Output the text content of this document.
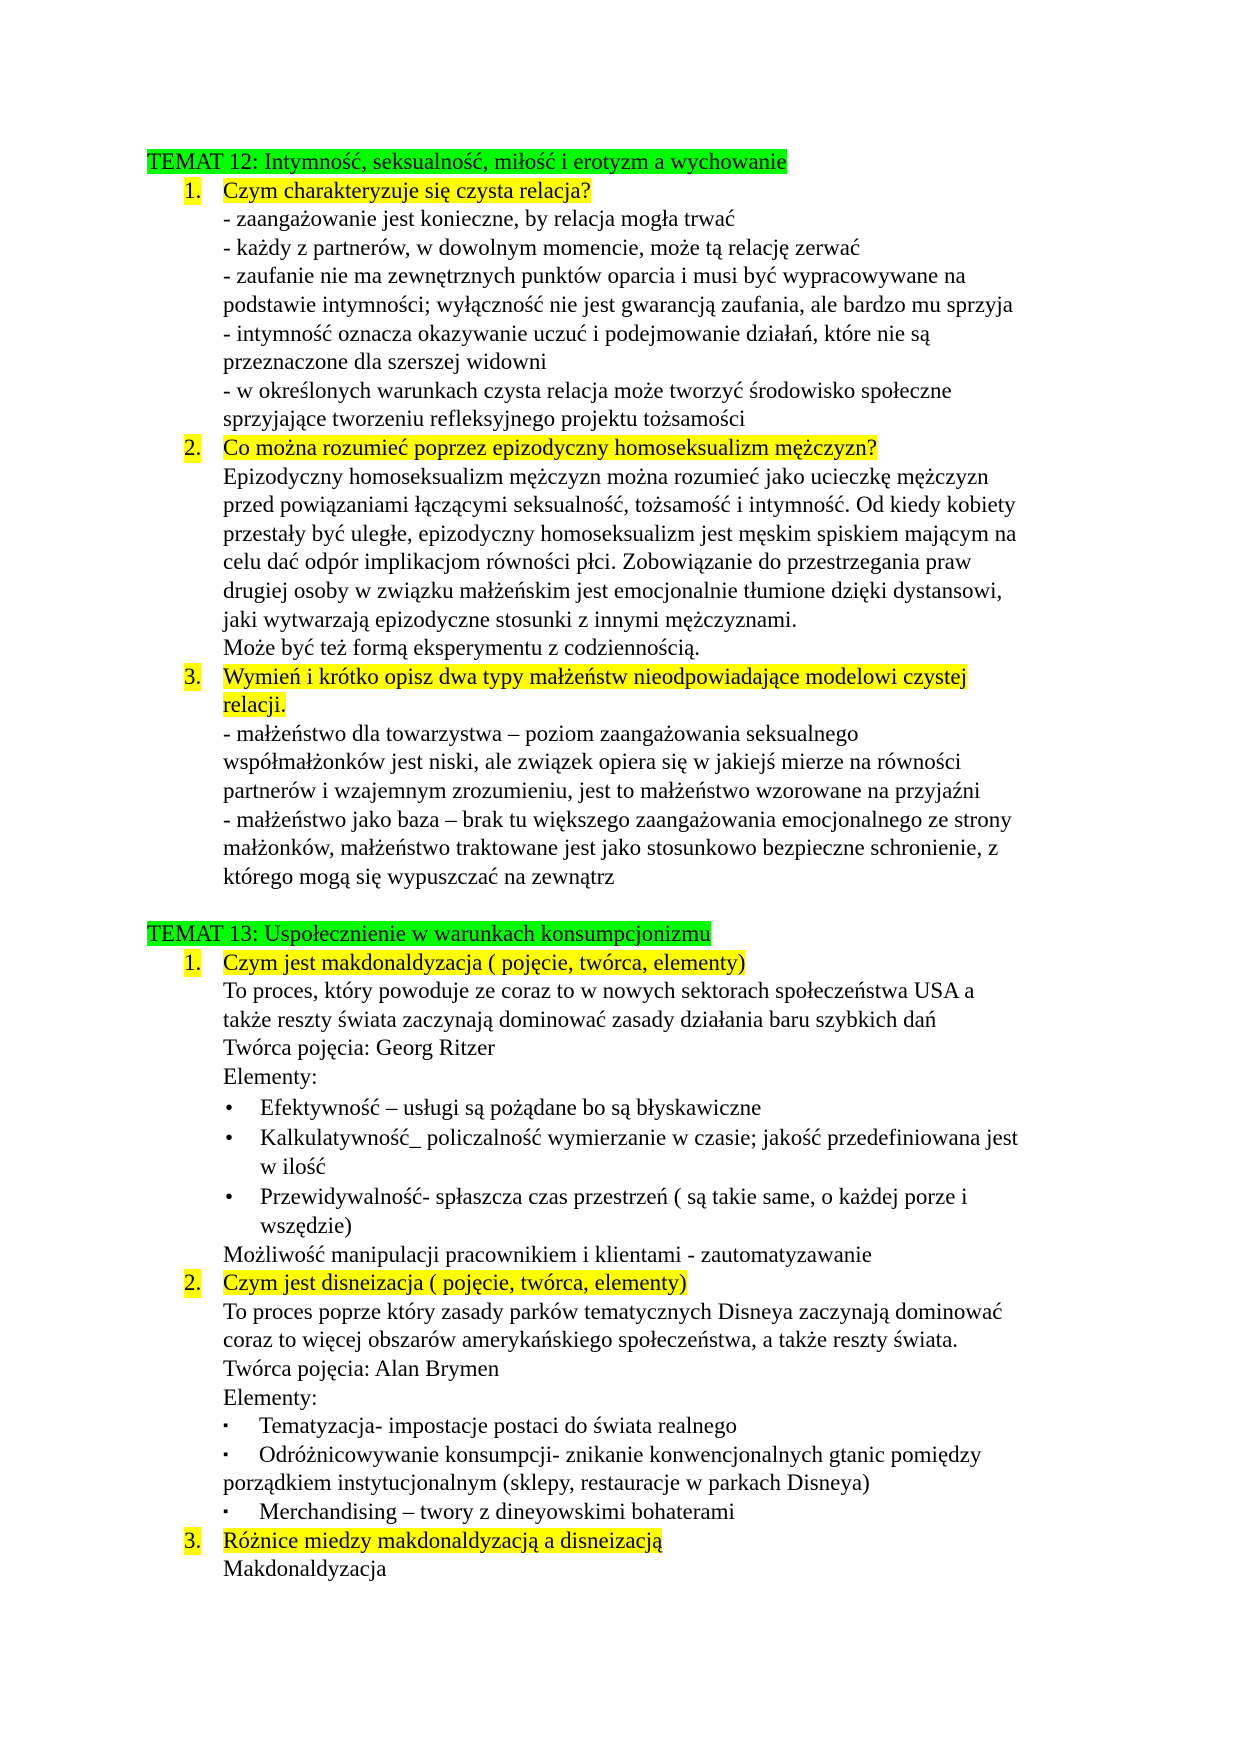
TEMAT 12: Intymność, seksualność, miłość i erotyzm a wychowanie

1. Czym charakteryzuje się czysta relacja?

- zaangażowanie jest konieczne, by relacja mogła trwać

- każdy z partnerów, w dowolnym momencie, może tą relację zerwać

- zaufanie nie ma zewnętrznych punktów oparcia i musi być wypracowywane na

podstawie intymności; wyłączność nie jest gwarancją zaufania, ale bardzo mu sprzyja

- intymność oznacza okazywanie uczuć i podejmowanie działań, które nie są

przeznaczone dla szerszej widowni

- w określonych warunkach czysta relacja może tworzyć środowisko społeczne

sprzyjające tworzeniu refleksyjnego projektu tożsamości

2. Co można rozumieć poprzez epizodyczny homoseksualizm mężczyzn?

Epizodyczny homoseksualizm mężczyzn można rozumieć jako ucieczkę mężczyzn

przed powiązaniami łączącymi seksualność, tożsamość i intymność. Od kiedy kobiety

przestały być uległe, epizodyczny homoseksualizm jest męskim spiskiem mającym na

celu dać odpór implikacjom równości płci. Zobowiązanie do przestrzegania praw

drugiej osoby w związku małżeńskim jest emocjonalnie tłumione dzięki dystansowi,

jaki wytwarzają epizodyczne stosunki z innymi mężczyznami.

Może być też formą eksperymentu z codziennością.

3. Wymień i krótko opisz dwa typy małżeństw nieodpowiadające modelowi czystej
relacji.

- małżeństwo dla towarzystwa – poziom zaangażowania seksualnego

współmałżonków jest niski, ale związek opiera się w jakiejś mierze na równości

partnerów i wzajemnym zrozumieniu, jest to małżeństwo wzorowane na przyjaźni

- małżeństwo jako baza – brak tu większego zaangażowania emocjonalnego ze strony

małżonków, małżeństwo traktowane jest jako stosunkowo bezpieczne schronienie, z

którego mogą się wypuszczać na zewnątrz

TEMAT 13: Uspołecznienie w warunkach konsumpcjonizmu

1. Czym jest makdonaldyzacja ( pojęcie, twórca, elementy)

To proces, który powoduje ze coraz to w nowych sektorach społeczeństwa USA a

także reszty świata zaczynają dominować zasady działania baru szybkich dań

Twórca pojęcia: Georg Ritzer

Elementy:

• Efektywność – usługi są pożądane bo są błyskawiczne

• Kalkulatywność_ policzalność wymierzanie w czasie; jakość przedefiniowana jest
w ilość

• Przewidywalność- spłaszcza czas przestrzeń ( są takie same, o każdej porze i
wszędzie)

Możliwość manipulacji pracownikiem i klientami - zautomatyzawanie

2. Czym jest disneizacja ( pojęcie, twórca, elementy)

To proces poprze który zasady parków tematycznych Disneya zaczynają dominować

coraz to więcej obszarów amerykańskiego społeczeństwa, a także reszty świata.

Twórca pojęcia: Alan Brymen

Elementy:

▪ Tematyzacja- impostacje postaci do świata realnego

▪ Odróżnicowywanie konsumpcji- znikanie konwencjonalnych gtanic pomiędzy

porządkiem instytucjonalnym (sklepy, restauracje w parkach Disneya)

▪ Merchandising – twory z dineyowskimi bohaterami

3. Różnice miedzy makdonaldyzacją a disneizacją

Makdonaldyzacja
